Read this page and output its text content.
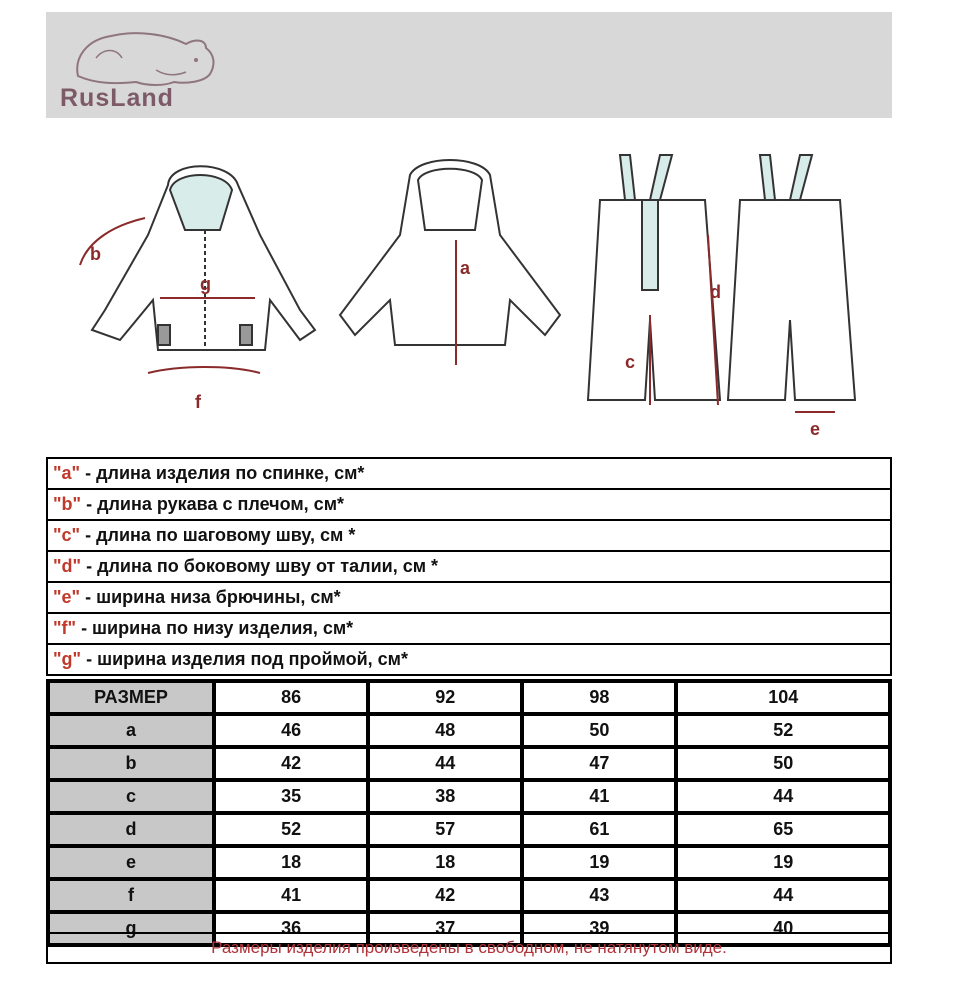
RusLand
b
g
f
a
c
d
e
"a" - длина изделия по спинке, см*
"b" - длина рукава с плечом, см*
"c" - длина по шаговому шву, см *
"d" - длина по боковому шву от талии, см *
"e" - ширина низа брючины, см*
"f" - ширина по низу изделия, см*
"g" - ширина изделия под проймой, см*
РАЗМЕР	86	92	98	104
a	46	48	50	52
b	42	44	47	50
c	35	38	41	44
d	52	57	61	65
e	18	18	19	19
f	41	42	43	44
g	36	37	39	40
Размеры изделия произведены в свободном, не натянутом виде.
